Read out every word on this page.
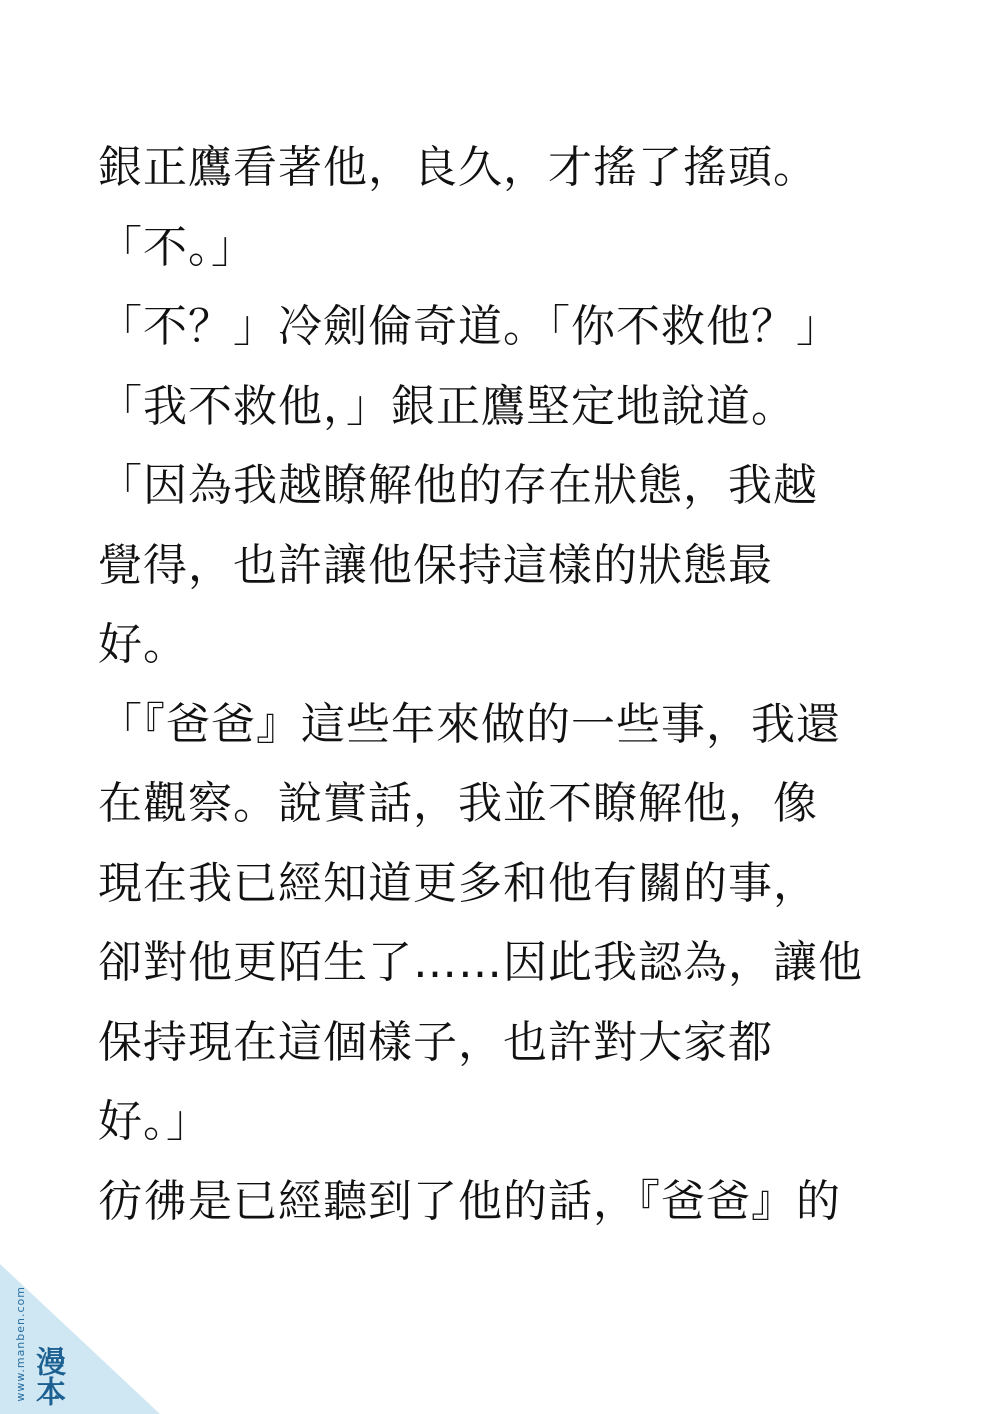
銀正鷹看著他，良久，才搖了搖頭。
「不。」
「不？」冷劍倫奇道。「你不救他？」
「我不救他，」銀正鷹堅定地說道。
「因為我越瞭解他的存在狀態，我越
覺得，也許讓他保持這樣的狀態最
好。
「『爸爸』這些年來做的一些事，我還
在觀察。說實話，我並不瞭解他，像
現在我已經知道更多和他有關的事，
卻對他更陌生了……因此我認為，讓他
保持現在這個樣子，也許對大家都
好。」
彷彿是已經聽到了他的話，『爸爸』的
www.manben.com 漫本
